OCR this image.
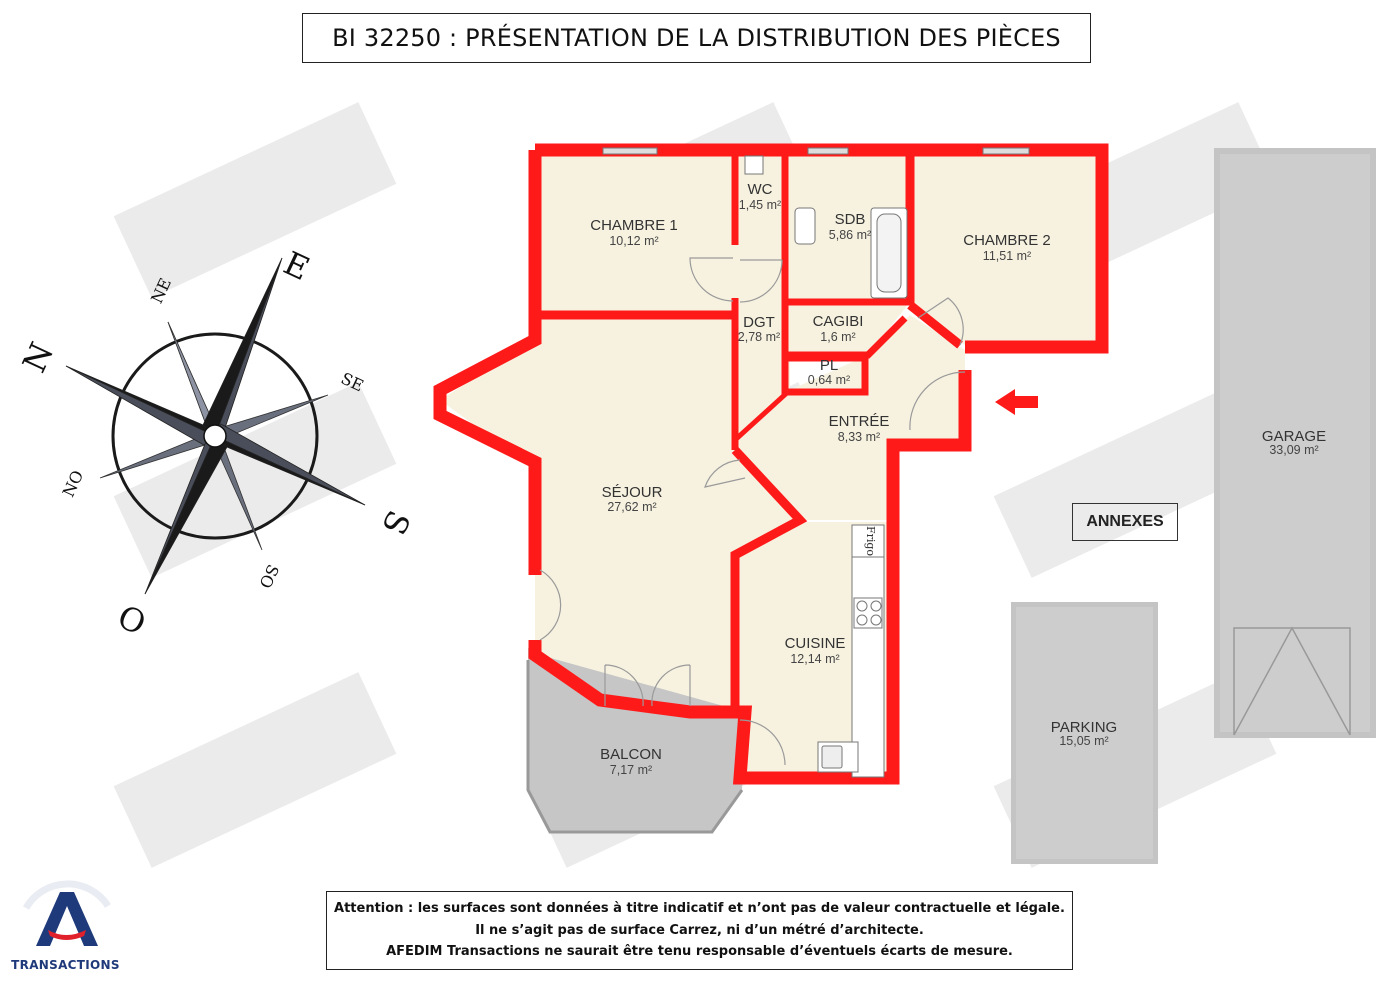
BI 32250 : PRÉSENTATION DE LA DISTRIBUTION DES PIÈCES
Frigo
CHAMBRE 1
10,12 m²
WC
1,45 m²
SDB
5,86 m²	CHAMBRE 2
11,51 m²
DGT
2,78 m²
CAGIBI
1,6 m²
PL
0,64 m²
ENTRÉE
8,33 m²
SÉJOUR
27,62 m²
CUISINE
12,14 m²
BALCON
7,17 m²
GARAGE
33,09 m²
PARKING
15,05 m²
N
NE
E
SE
S
SO
O
NO
ANNEXES
Attention : les surfaces sont données à titre indicatif et n’ont pas de valeur contractuelle et légale.
Il ne s’agit pas de surface Carrez, ni d’un métré d’architecte.
AFEDIM Transactions ne saurait être tenu responsable d’éventuels écarts de mesure.
TRANSACTIONS
